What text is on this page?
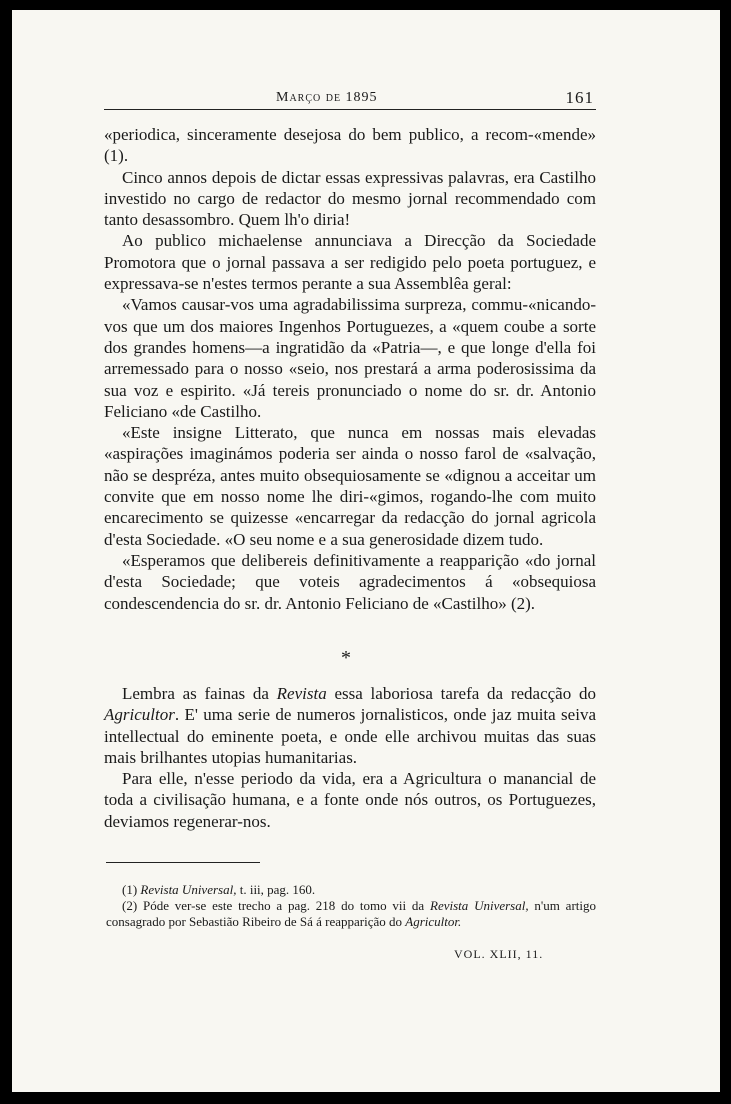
Março de 1895	161

«periodica, sinceramente desejosa do bem publico, a recom-«mende» (1).

Cinco annos depois de dictar essas expressivas palavras, era Castilho investido no cargo de redactor do mesmo jornal recommendado com tanto desassombro. Quem lh'o diria!

Ao publico michaelense annunciava a Direcção da Sociedade Promotora que o jornal passava a ser redigido pelo poeta portuguez, e expressava-se n'estes termos perante a sua Assemblêa geral:

«Vamos causar-vos uma agradabilissima surpreza, commu-«nicando-vos que um dos maiores Ingenhos Portuguezes, a «quem coube a sorte dos grandes homens—a ingratidão da «Patria—, e que longe d'ella foi arremessado para o nosso «seio, nos prestará a arma poderosissima da sua voz e espirito. «Já tereis pronunciado o nome do sr. dr. Antonio Feliciano «de Castilho.

«Este insigne Litterato, que nunca em nossas mais elevadas «aspirações imaginámos poderia ser ainda o nosso farol de «salvação, não se despréza, antes muito obsequiosamente se «dignou a acceitar um convite que em nosso nome lhe diri-«gimos, rogando-lhe com muito encarecimento se quizesse «encarregar da redacção do jornal agricola d'esta Sociedade. «O seu nome e a sua generosidade dizem tudo.

«Esperamos que delibereis definitivamente a reapparição «do jornal d'esta Sociedade; que voteis agradecimentos á «obsequiosa condescendencia do sr. dr. Antonio Feliciano de «Castilho» (2).

*

Lembra as fainas da Revista essa laboriosa tarefa da redacção do Agricultor. E' uma serie de numeros jornalisticos, onde jaz muita seiva intellectual do eminente poeta, e onde elle archivou muitas das suas mais brilhantes utopias humanitarias.

Para elle, n'esse periodo da vida, era a Agricultura o manancial de toda a civilisação humana, e a fonte onde nós outros, os Portuguezes, deviamos regenerar-nos.

(1) Revista Universal, t. iii, pag. 160.

(2) Póde ver-se este trecho a pag. 218 do tomo vii da Revista Universal, n'um artigo consagrado por Sebastião Ribeiro de Sá á reapparição do Agricultor.

VOL. XLII, 11.
